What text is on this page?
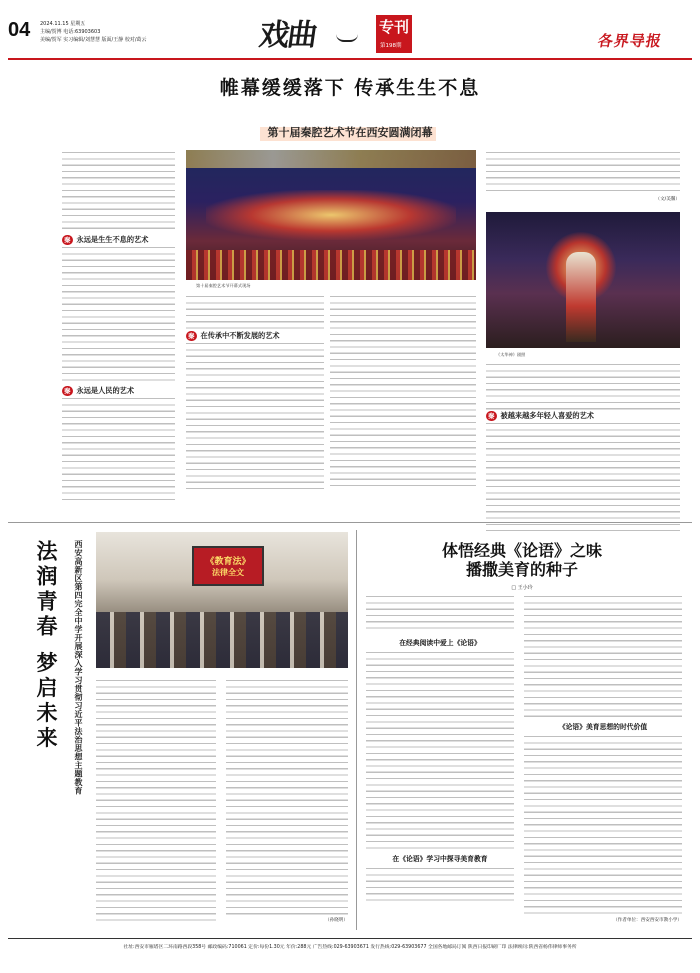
04 2024.11.15 星期五
主编/贺博 电话:63903603
美编/贺军 实习编辑/刘慧慧 版面/王静 校对/葛云	戏曲	专刊
第198期	各界导报
帷幕缓缓落下 传承生生不息
第十届秦腔艺术节在西安圆满闭幕
秦 永远是生生不息的艺术
秦 永远是人民的艺术
第十届秦腔艺术节开幕式现场
秦 在传承中不断发展的艺术
（文/美馨）
《太华神》剧照
秦 被越来越多年轻人喜爱的艺术
法润青春 梦启未来	西安高新区第四完全中学开展深入学习贯彻习近平法治思想主题教育	《教育法》
法律全文
（孙晓明）
体悟经典《论语》之味
播撒美育的种子
□ 王小玲
在经典阅读中爱上《论语》
在《论语》学习中探寻美育教育
《论语》美育思想的时代价值
（作者单位：西安西安市教小学）
社址:西安市雁塔区二环南路西段358号 邮政编码:710061 定价:每份1.30元 年价:288元 广告热线:029-63903671 发行热线:029-63903677 全国各地邮局订阅 陕西日报印刷厂印 法律顾问:陕西省杨伟律师事务所
